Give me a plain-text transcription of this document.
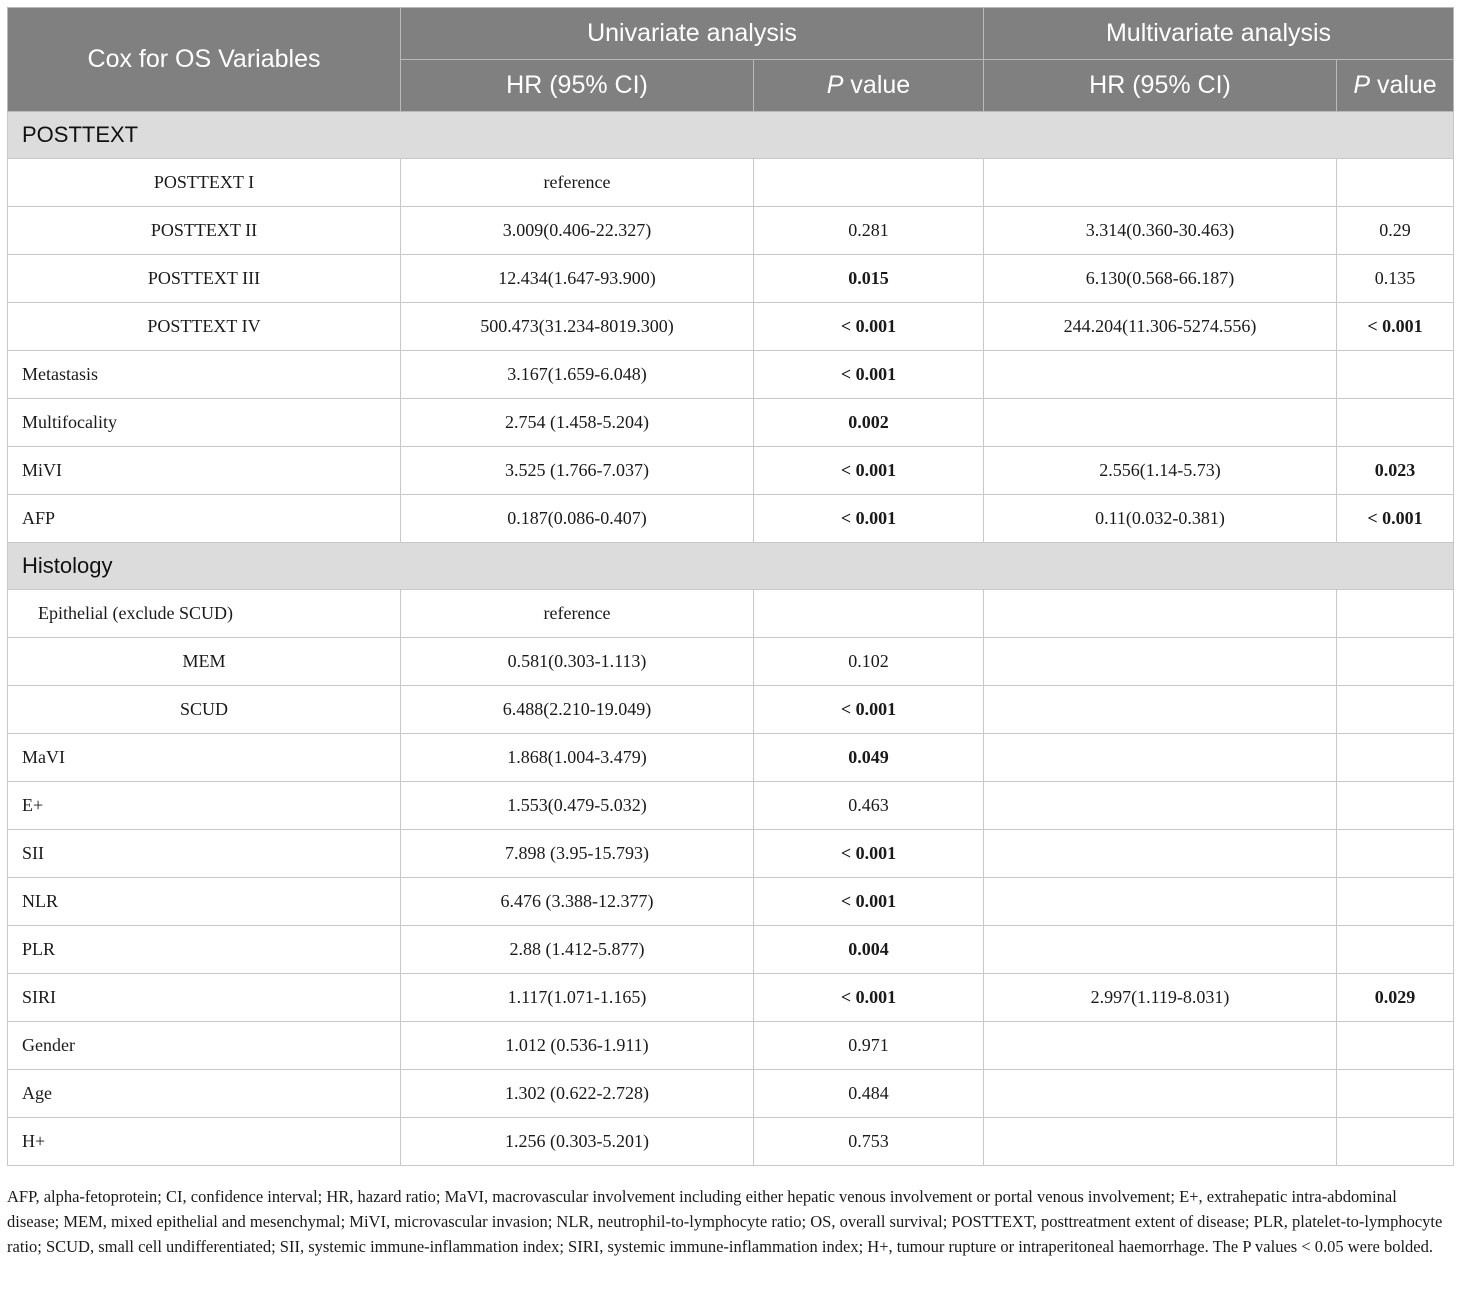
Cox for OS Variables	Univariate analysis		Multivariate analysis	
	HR (95% CI)	P value	HR (95% CI)	P value
POSTTEXT				
POSTTEXT I	reference			
POSTTEXT II	3.009(0.406-22.327)	0.281	3.314(0.360-30.463)	0.29
POSTTEXT III	12.434(1.647-93.900)	0.015	6.130(0.568-66.187)	0.135
POSTTEXT IV	500.473(31.234-8019.300)	< 0.001	244.204(11.306-5274.556)	< 0.001
Metastasis	3.167(1.659-6.048)	< 0.001		
Multifocality	2.754 (1.458-5.204)	0.002		
MiVI	3.525 (1.766-7.037)	< 0.001	2.556(1.14-5.73)	0.023
AFP	0.187(0.086-0.407)	< 0.001	0.11(0.032-0.381)	< 0.001
Histology				
Epithelial (exclude SCUD)	reference			
MEM	0.581(0.303-1.113)	0.102		
SCUD	6.488(2.210-19.049)	< 0.001		
MaVI	1.868(1.004-3.479)	0.049		
E+	1.553(0.479-5.032)	0.463		
SII	7.898 (3.95-15.793)	< 0.001		
NLR	6.476 (3.388-12.377)	< 0.001		
PLR	2.88 (1.412-5.877)	0.004		
SIRI	1.117(1.071-1.165)	< 0.001	2.997(1.119-8.031)	0.029
Gender	1.012 (0.536-1.911)	0.971		
Age	1.302 (0.622-2.728)	0.484		
H+	1.256 (0.303-5.201)	0.753		
AFP, alpha-fetoprotein; CI, confidence interval; HR, hazard ratio; MaVI, macrovascular involvement including either hepatic venous involvement or portal venous involvement; E+, extrahepatic intra-abdominal disease; MEM, mixed epithelial and mesenchymal; MiVI, microvascular invasion; NLR, neutrophil-to-lymphocyte ratio; OS, overall survival; POSTTEXT, posttreatment extent of disease; PLR, platelet-to-lymphocyte ratio; SCUD, small cell undifferentiated; SII, systemic immune-inflammation index; SIRI, systemic immune-inflammation index; H+, tumour rupture or intraperitoneal haemorrhage. The P values < 0.05 were bolded.
